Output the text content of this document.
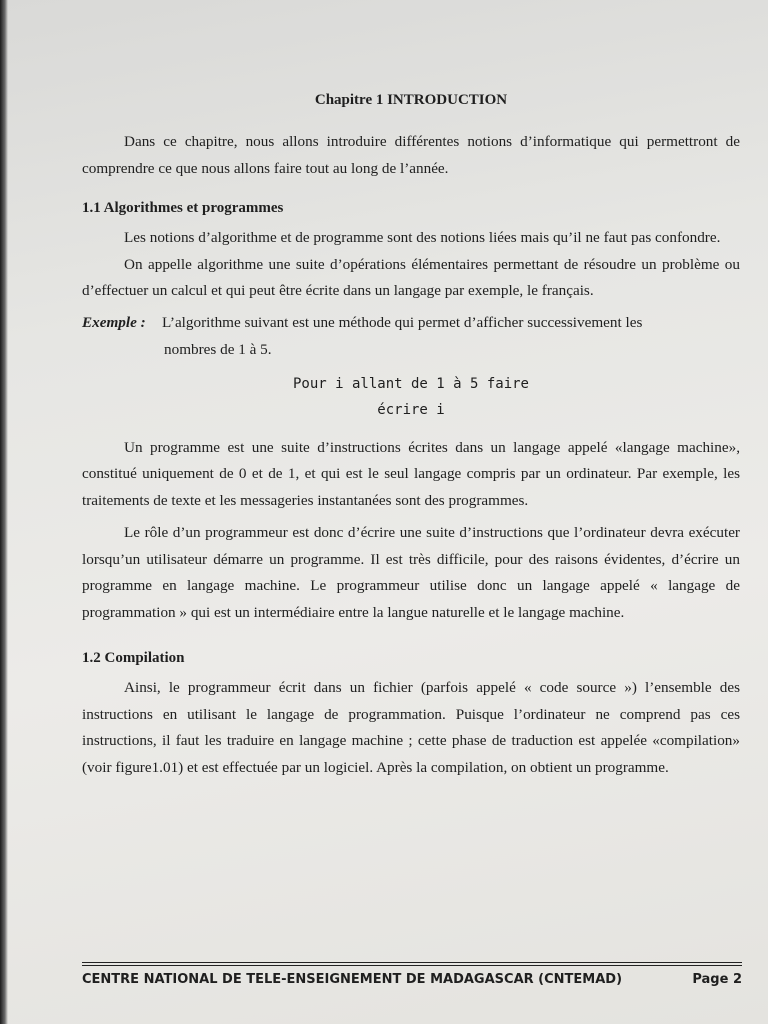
Chapitre 1 INTRODUCTION

Dans ce chapitre, nous allons introduire différentes notions d’informatique qui permettront de comprendre ce que nous allons faire tout au long de l’année.

1.1 Algorithmes et programmes

Les notions d’algorithme et de programme sont des notions liées mais qu’il ne faut pas confondre.

On appelle algorithme une suite d’opérations élémentaires permettant de résoudre un problème ou d’effectuer un calcul et qui peut être écrite dans un langage par exemple, le français.

Exemple :	L’algorithme suivant est une méthode qui permet d’afficher successivement les
nombres de 1 à 5.
Pour i allant de 1 à 5 faire
écrire i

Un programme est une suite d’instructions écrites dans un langage appelé «langage machine», constitué uniquement de 0 et de 1, et qui est le seul langage compris par un ordinateur. Par exemple, les traitements de texte et les messageries instantanées sont des programmes.

Le rôle d’un programmeur est donc d’écrire une suite d’instructions que l’ordinateur devra exécuter lorsqu’un utilisateur démarre un programme. Il est très difficile, pour des raisons évidentes, d’écrire un programme en langage machine. Le programmeur utilise donc un langage appelé « langage de programmation » qui est un intermédiaire entre la langue naturelle et le langage machine.

1.2 Compilation

Ainsi, le programmeur écrit dans un fichier (parfois appelé « code source ») l’ensemble des instructions en utilisant le langage de programmation. Puisque l’ordinateur ne comprend pas ces instructions, il faut les traduire en langage machine ; cette phase de traduction est appelée «compilation» (voir figure1.01) et est effectuée par un logiciel. Après la compilation, on obtient un programme.

CENTRE NATIONAL DE TELE-ENSEIGNEMENT DE MADAGASCAR (CNTEMAD)	Page 2
